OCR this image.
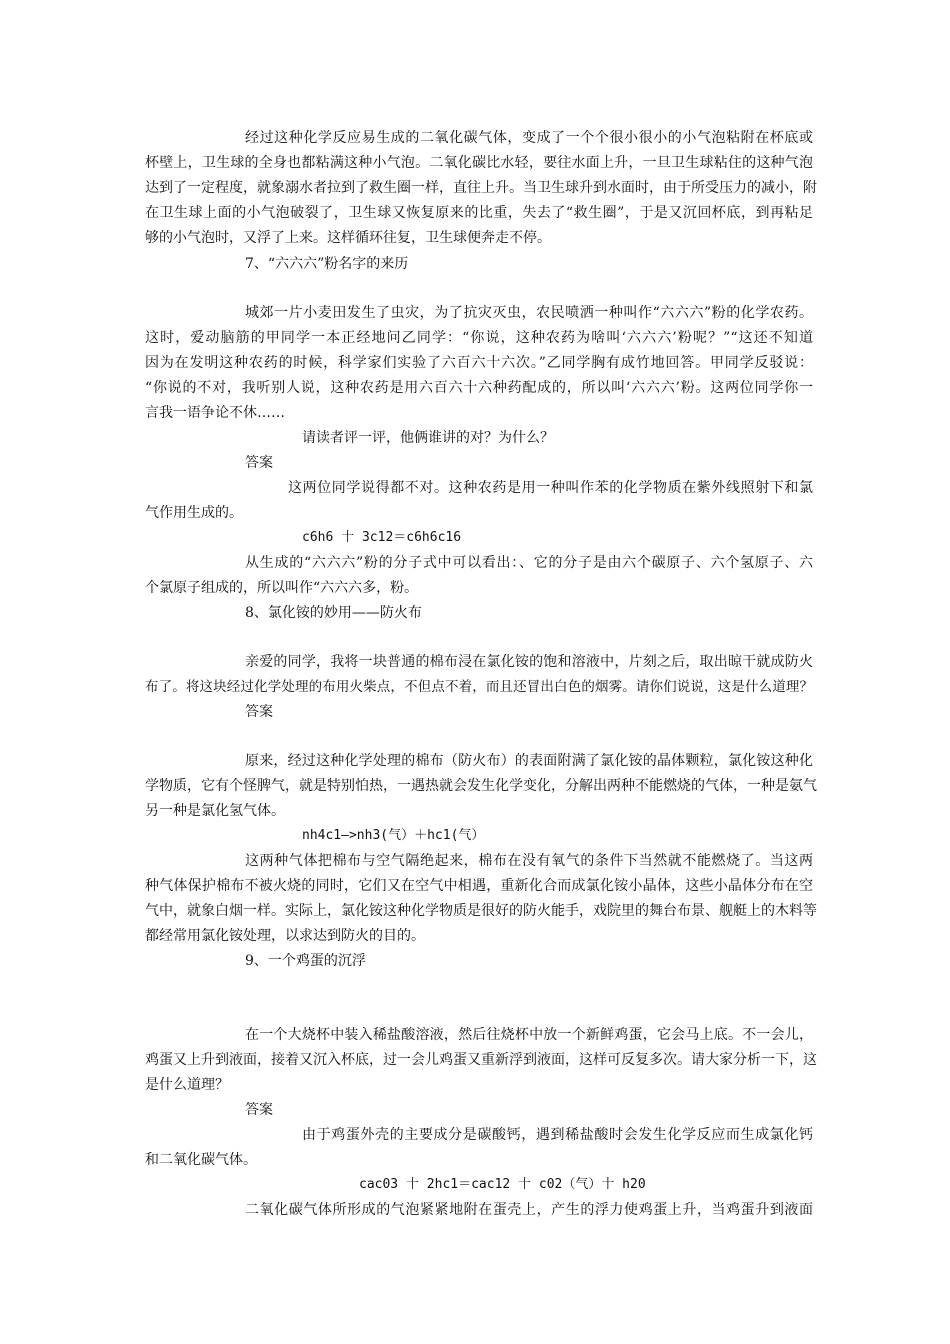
经过这种化学反应易生成的二氧化碳气体，变成了一个个很小很小的小气泡粘附在杯底或
杯壁上，卫生球的全身也都粘满这种小气泡。二氧化碳比水轻，要往水面上升，一旦卫生球粘住的这种气泡
达到了一定程度，就象溺水者拉到了救生圈一样，直往上升。当卫生球升到水面时，由于所受压力的减小，附
在卫生球上面的小气泡破裂了，卫生球又恢复原来的比重，失去了“救生圈”，于是又沉回杯底，到再粘足
够的小气泡时，又浮了上来。这样循环往复，卫生球便奔走不停。
7、“六六六”粉名字的来历
城郊一片小麦田发生了虫灾，为了抗灾灭虫，农民喷洒一种叫作“六六六”粉的化学农药。
这时，爱动脑筋的甲同学一本正经地问乙同学：“你说，这种农药为啥叫‘六六六’粉呢？”“这还不知道
因为在发明这种农药的时候，科学家们实验了六百六十六次。”乙同学胸有成竹地回答。甲同学反驳说：
“你说的不对，我听别人说，这种农药是用六百六十六种药配成的，所以叫‘六六六’粉。这两位同学你一
言我一语争论不休……
请读者评一评，他俩谁讲的对？为什么？
答案
这两位同学说得都不对。这种农药是用一种叫作苯的化学物质在紫外线照射下和氯
气作用生成的。
c6h6 十 3c12＝c6h6c16
从生成的“六六六”粉的分子式中可以看出：、它的分子是由六个碳原子、六个氢原子、六
个氯原子组成的，所以叫作“六六六多，粉。
8、氯化铵的妙用——防火布
亲爱的同学，我将一块普通的棉布浸在氯化铵的饱和溶液中，片刻之后，取出晾干就成防火
布了。将这块经过化学处理的布用火柴点，不但点不着，而且还冒出白色的烟雾。请你们说说，这是什么道理？
答案
原来，经过这种化学处理的棉布（防火布）的表面附满了氯化铵的晶体颗粒，氯化铵这种化
学物质，它有个怪脾气，就是特别怕热，一遇热就会发生化学变化，分解出两种不能燃烧的气体，一种是氨气
另一种是氯化氢气体。
nh4c1—>nh3(气）＋hc1(气）
这两种气体把棉布与空气隔绝起来，棉布在没有氧气的条件下当然就不能燃烧了。当这两
种气体保护棉布不被火烧的同时，它们又在空气中相遇，重新化合而成氯化铵小晶体，这些小晶体分布在空
气中，就象白烟一样。实际上，氯化铵这种化学物质是很好的防火能手，戏院里的舞台布景、舰艇上的木料等
都经常用氯化铵处理，以求达到防火的目的。
9、一个鸡蛋的沉浮
在一个大烧杯中装入稀盐酸溶液，然后往烧杯中放一个新鲜鸡蛋，它会马上底。不一会儿，
鸡蛋又上升到液面，接着又沉入杯底，过一会儿鸡蛋又重新浮到液面，这样可反复多次。请大家分析一下，这
是什么道理？
答案
由于鸡蛋外壳的主要成分是碳酸钙，遇到稀盐酸时会发生化学反应而生成氯化钙
和二氧化碳气体。
cac03 十 2hc1＝cac12 十 c02（气）十 h20
二氧化碳气体所形成的气泡紧紧地附在蛋壳上，产生的浮力使鸡蛋上升，当鸡蛋升到液面
